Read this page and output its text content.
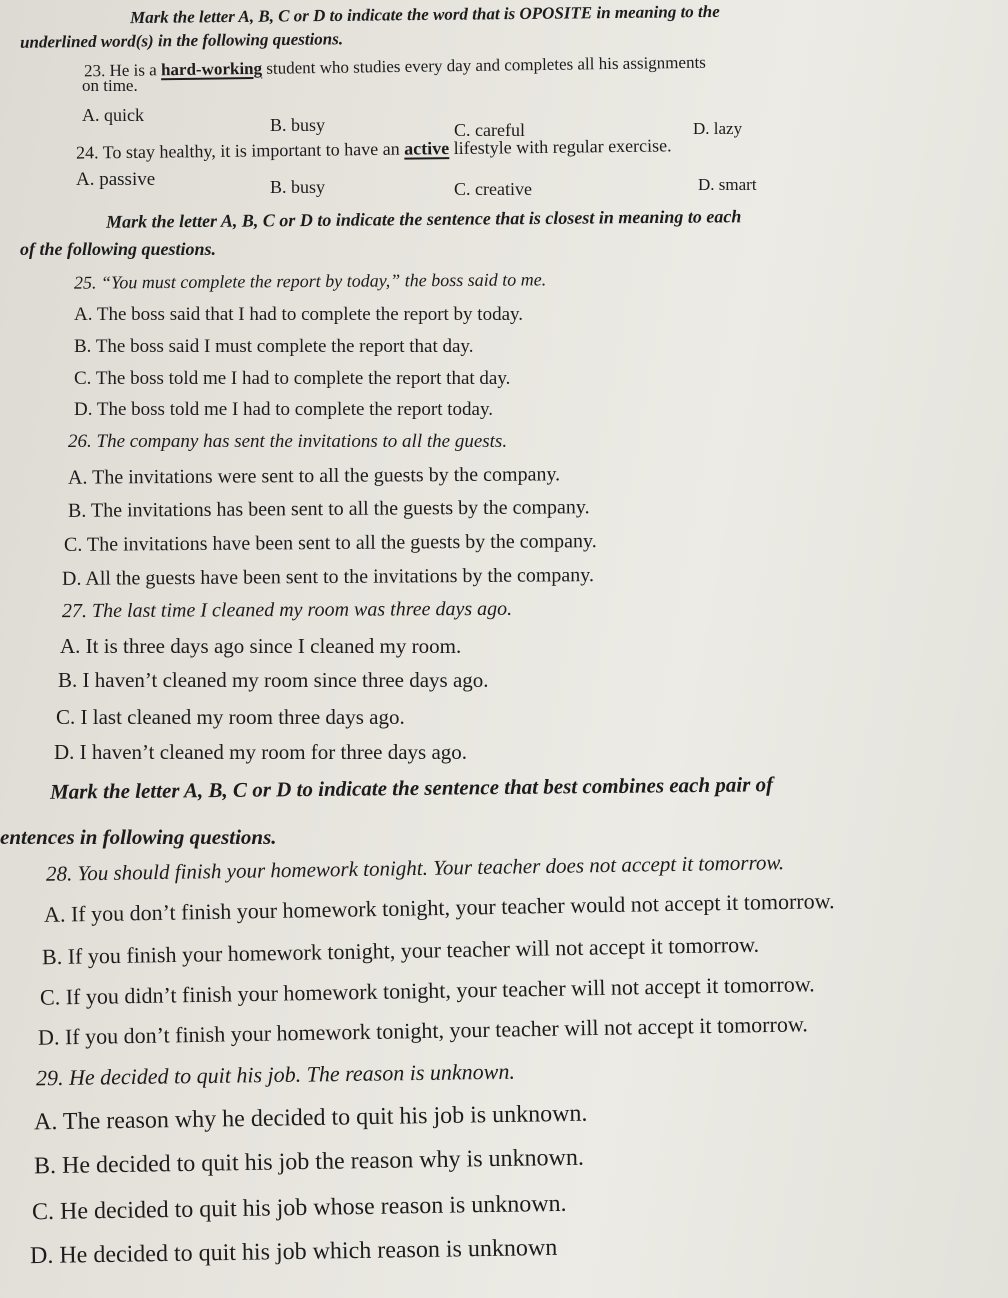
Mark the letter A, B, C or D to indicate the word that is OPOSITE in meaning to the
underlined word(s) in the following questions.
23. He is a hard-working student who studies every day and completes all his assignments
on time.
A. quick	B. busy	C. careful	D. lazy
24. To stay healthy, it is important to have an active lifestyle with regular exercise.
A. passive	B. busy	C. creative	D. smart
Mark the letter A, B, C or D to indicate the sentence that is closest in meaning to each
of the following questions.
25. “You must complete the report by today,” the boss said to me.
A. The boss said that I had to complete the report by today.
B. The boss said I must complete the report that day.
C. The boss told me I had to complete the report that day.
D. The boss told me I had to complete the report today.
26. The company has sent the invitations to all the guests.
A. The invitations were sent to all the guests by the company.
B. The invitations has been sent to all the guests by the company.
C. The invitations have been sent to all the guests by the company.
D. All the guests have been sent to the invitations by the company.
27. The last time I cleaned my room was three days ago.
A. It is three days ago since I cleaned my room.
B. I haven’t cleaned my room since three days ago.
C. I last cleaned my room three days ago.
D. I haven’t cleaned my room for three days ago.
Mark the letter A, B, C or D to indicate the sentence that best combines each pair of
entences in following questions.
28. You should finish your homework tonight. Your teacher does not accept it tomorrow.
A. If you don’t finish your homework tonight, your teacher would not accept it tomorrow.
B. If you finish your homework tonight, your teacher will not accept it tomorrow.
C. If you didn’t finish your homework tonight, your teacher will not accept it tomorrow.
D. If you don’t finish your homework tonight, your teacher will not accept it tomorrow.
29. He decided to quit his job. The reason is unknown.
A. The reason why he decided to quit his job is unknown.
B. He decided to quit his job the reason why is unknown.
C. He decided to quit his job whose reason is unknown.
D. He decided to quit his job which reason is unknown
